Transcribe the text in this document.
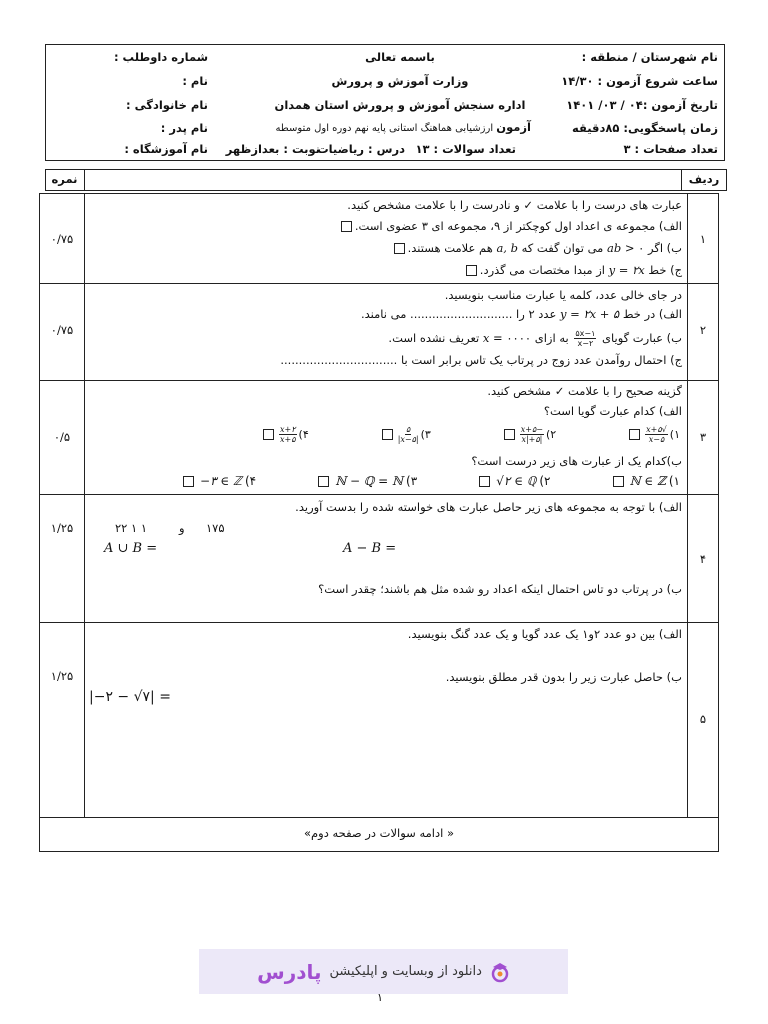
نام شهرستان / منطقه :
ساعت شروع آزمون : ۱۴/۳۰
تاریخ آزمون :۰۴ / ۰۳/ ۱۴۰۱
زمان پاسخگویی: ۸۵دقیقه
تعداد صفحات : ۳
باسمه تعالی
وزارت آموزش و پرورش
اداره سنجش آموزش و پرورش استان همدان
آزمون ارزشیابی هماهنگ استانی پایه نهم دوره اول متوسطه
تعداد سوالات : ۱۳
درس : ریاضیات
نوبت : بعدازظهر
شماره داوطلب :
نام :
نام خانوادگی :
نام پدر :
نام آموزشگاه :
ردیف
نمره
۱
۰/۷۵
عبارت های درست را با علامت ✓ و نادرست را با علامت مشخص کنید.
الف) مجموعه ی اعداد اول کوچکتر از ۹، مجموعه ای ۳ عضوی است.
ب) اگر ۰ < ab می توان گفت که a, b هم علامت هستند.
ج) خط y = ۲x از مبدا مختصات می گذرد.
۲
۰/۷۵
در جای خالی عدد، کلمه یا عبارت مناسب بنویسید.
الف) در خط y = ۲x + ۵ عدد ۲ را ............................ می نامند.
ب) عبارت گویای
$\frac{۵x-۱}{x-۲}$
به ازای ۰۰۰۰ = x تعریف نشده است.
ج) احتمال روآمدن عدد زوج در پرتاب یک تاس برابر است با ................................
۳
۰/۵
گزینه صحیح را با علامت ✓ مشخص کنید.
الف) کدام عبارت گویا است؟
۱)
$\frac{√x+۵}{۵-x}$
۲)
$\frac{-x+۵}{|x|+۵}$
۳)
$\frac{۵}{|x-۵|}$
۴)
$\frac{x+۲}{۵+x}$
ب)کدام یک از عبارت های زیر درست است؟
۱)
ℕ ∈ ℤ
۲)
√۲ ∈ ℚ
۳)
ℕ − ℚ = ℕ
۴)
−۳ ∈ ℤ
۴
۱/۲۵
الف) با توجه به مجموعه های زیر حاصل عبارت های خواسته شده را بدست آورید.
۱۷۵
و
۱ ۱ ۲۲
A ∪ B =	A − B =
ب) در پرتاب دو تاس احتمال اینکه اعداد رو شده مثل هم باشند؛ چقدر است؟
۵
۱/۲۵
الف) بین دو عدد ۲و۱ یک عدد گویا و یک عدد گنگ بنویسید.
ب) حاصل عبارت زیر را بدون قدر مطلق بنویسید.
|−۲ − √۷| =
« ادامه سوالات در صفحه دوم»
دانلود از وبسایت و اپلیکیشن
پادرس
۱
